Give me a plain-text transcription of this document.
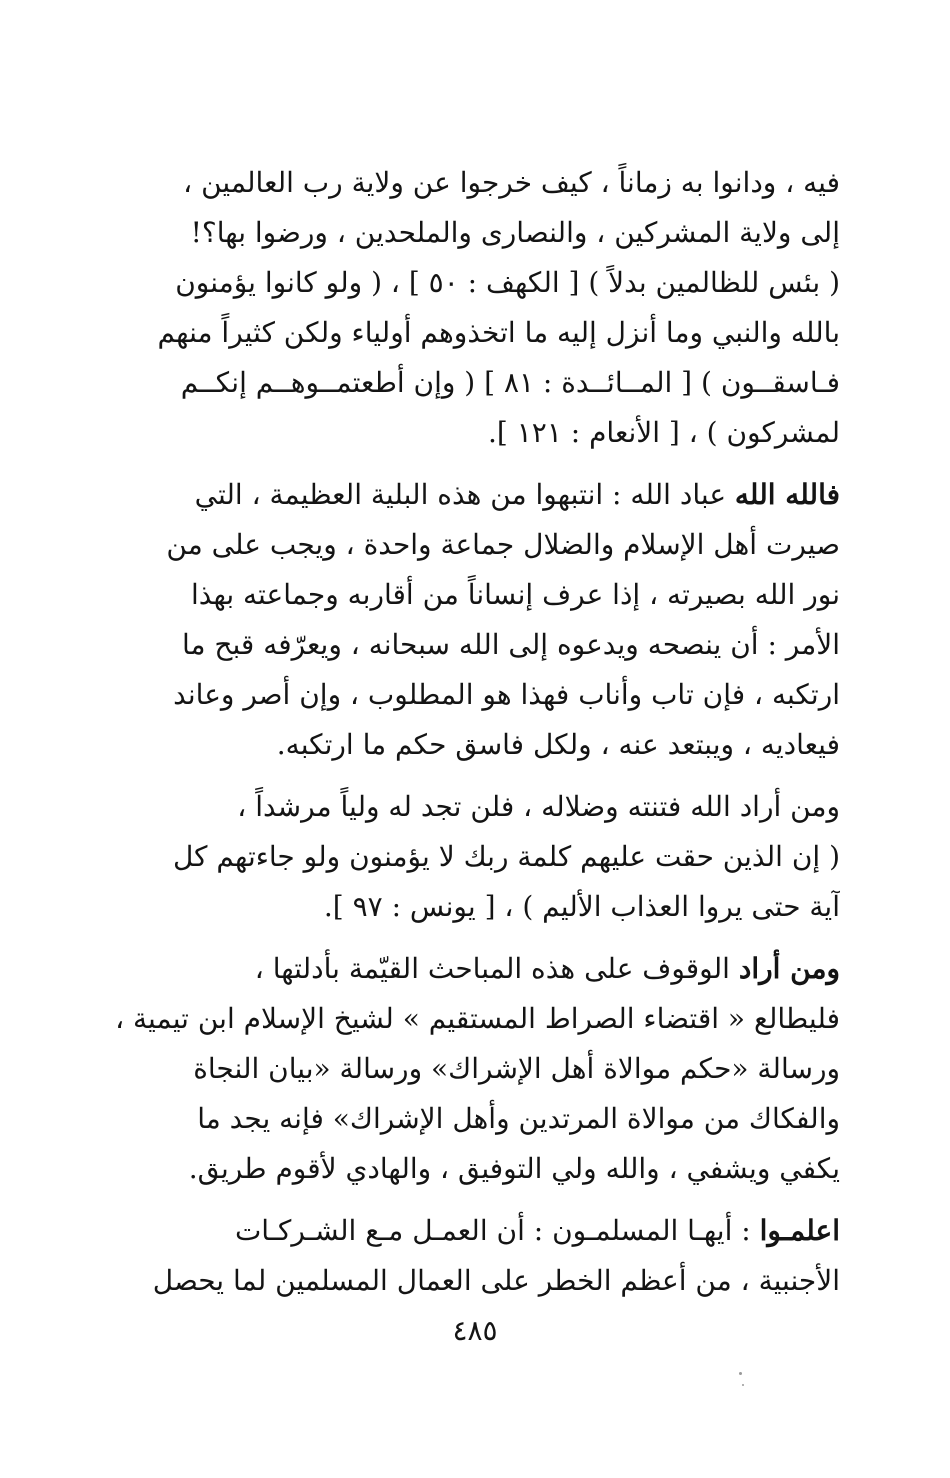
فيه ، ودانوا به زماناً ، كيف خرجوا عن ولاية رب العالمين ،
إلى ولاية المشركين ، والنصارى والملحدين ، ورضوا بها؟!
( بئس للظالمين بدلاً ) [ الكهف : ٥٠ ] ، ( ولو كانوا يؤمنون
بالله والنبي وما أنزل إليه ما اتخذوهم أولياء ولكن كثيراً منهم
فـاسقــون ) [ المــائــدة : ٨١ ] ( وإن أطعتمــوهــم إنكــم
لمشركون ) ، [ الأنعام : ١٢١ ].
فالله الله عباد الله : انتبهوا من هذه البلية العظيمة ، التي
صيرت أهل الإسلام والضلال جماعة واحدة ، ويجب على من
نور الله بصيرته ، إذا عرف إنساناً من أقاربه وجماعته بهذا
الأمر : أن ينصحه ويدعوه إلى الله سبحانه ، ويعرّفه قبح ما
ارتكبه ، فإن تاب وأناب فهذا هو المطلوب ، وإن أصر وعاند
فيعاديه ، ويبتعد عنه ، ولكل فاسق حكم ما ارتكبه.
ومن أراد الله فتنته وضلاله ، فلن تجد له ولياً مرشداً ،
( إن الذين حقت عليهم كلمة ربك لا يؤمنون ولو جاءتهم كل
آية حتى يروا العذاب الأليم ) ، [ يونس : ٩٧ ].
ومن أراد الوقوف على هذه المباحث القيّمة بأدلتها ،
فليطالع « اقتضاء الصراط المستقيم » لشيخ الإسلام ابن تيمية ،
ورسالة «حكم موالاة أهل الإشراك» ورسالة «بيان النجاة
والفكاك من موالاة المرتدين وأهل الإشراك» فإنه يجد ما
يكفي ويشفي ، والله ولي التوفيق ، والهادي لأقوم طريق.
اعلمـوا : أيهـا المسلمـون : أن العمـل مـع الشـركـات
الأجنبية ، من أعظم الخطر على العمال المسلمين لما يحصل
٤٨٥
